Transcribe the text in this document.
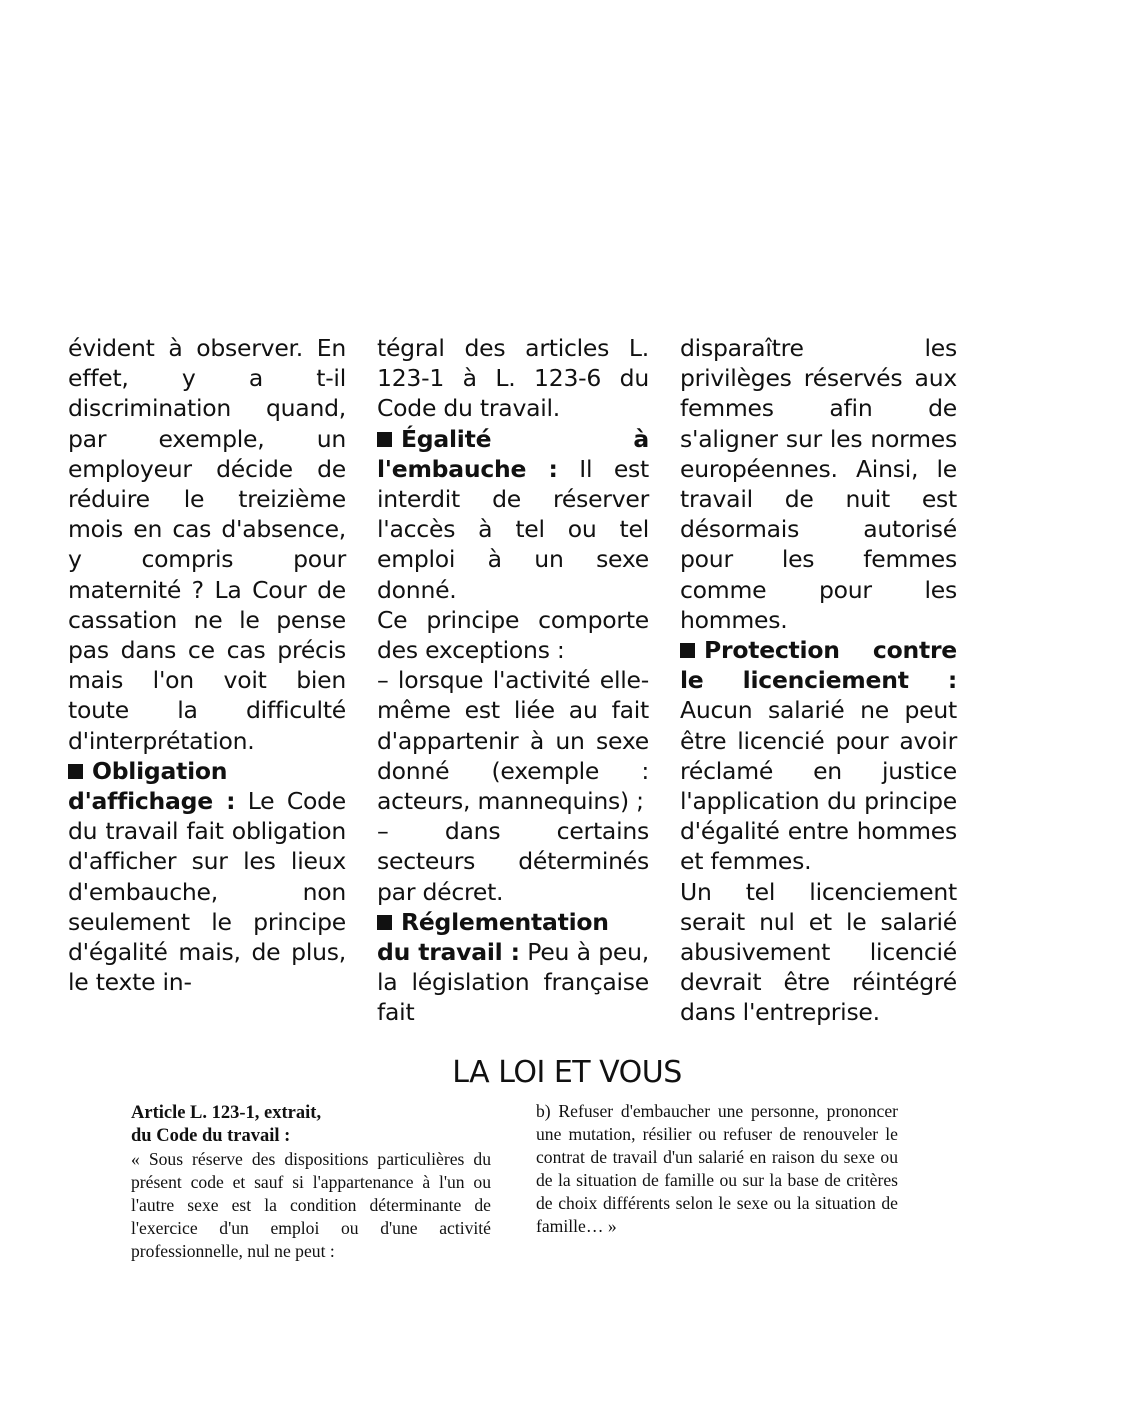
évident à observer. En effet, y a t-il discrimination quand, par exemple, un employeur décide de réduire le treizième mois en cas d'absence, y compris pour maternité ? La Cour de cassation ne le pense pas dans ce cas précis mais l'on voit bien toute la difficulté d'interprétation.

Obligation d'affichage : Le Code du travail fait obligation d'afficher sur les lieux d'embauche, non seulement le principe d'égalité mais, de plus, le texte in-

tégral des articles L. 123-1 à L. 123-6 du Code du travail.

Égalité à l'embauche : Il est interdit de réserver l'accès à tel ou tel emploi à un sexe donné.

Ce principe comporte des exceptions :

– lorsque l'activité elle-même est liée au fait d'appartenir à un sexe donné (exemple : acteurs, mannequins) ;

– dans certains secteurs déterminés par décret.

Réglementation du travail : Peu à peu, la législation française fait

disparaître les privilèges réservés aux femmes afin de s'aligner sur les normes européennes. Ainsi, le travail de nuit est désormais autorisé pour les femmes comme pour les hommes.

Protection contre le licenciement : Aucun salarié ne peut être licencié pour avoir réclamé en justice l'application du principe d'égalité entre hommes et femmes.

Un tel licenciement serait nul et le salarié abusivement licencié devrait être réintégré dans l'entreprise.

LA LOI ET VOUS

Article L. 123-1, extrait,
du Code du travail :

« Sous réserve des dispositions particulières du présent code et sauf si l'appartenance à l'un ou l'autre sexe est la condition déterminante de l'exercice d'un emploi ou d'une activité professionnelle, nul ne peut :

b) Refuser d'embaucher une personne, prononcer une mutation, résilier ou refuser de renouveler le contrat de travail d'un salarié en raison du sexe ou de la situation de famille ou sur la base de critères de choix différents selon le sexe ou la situation de famille… »
